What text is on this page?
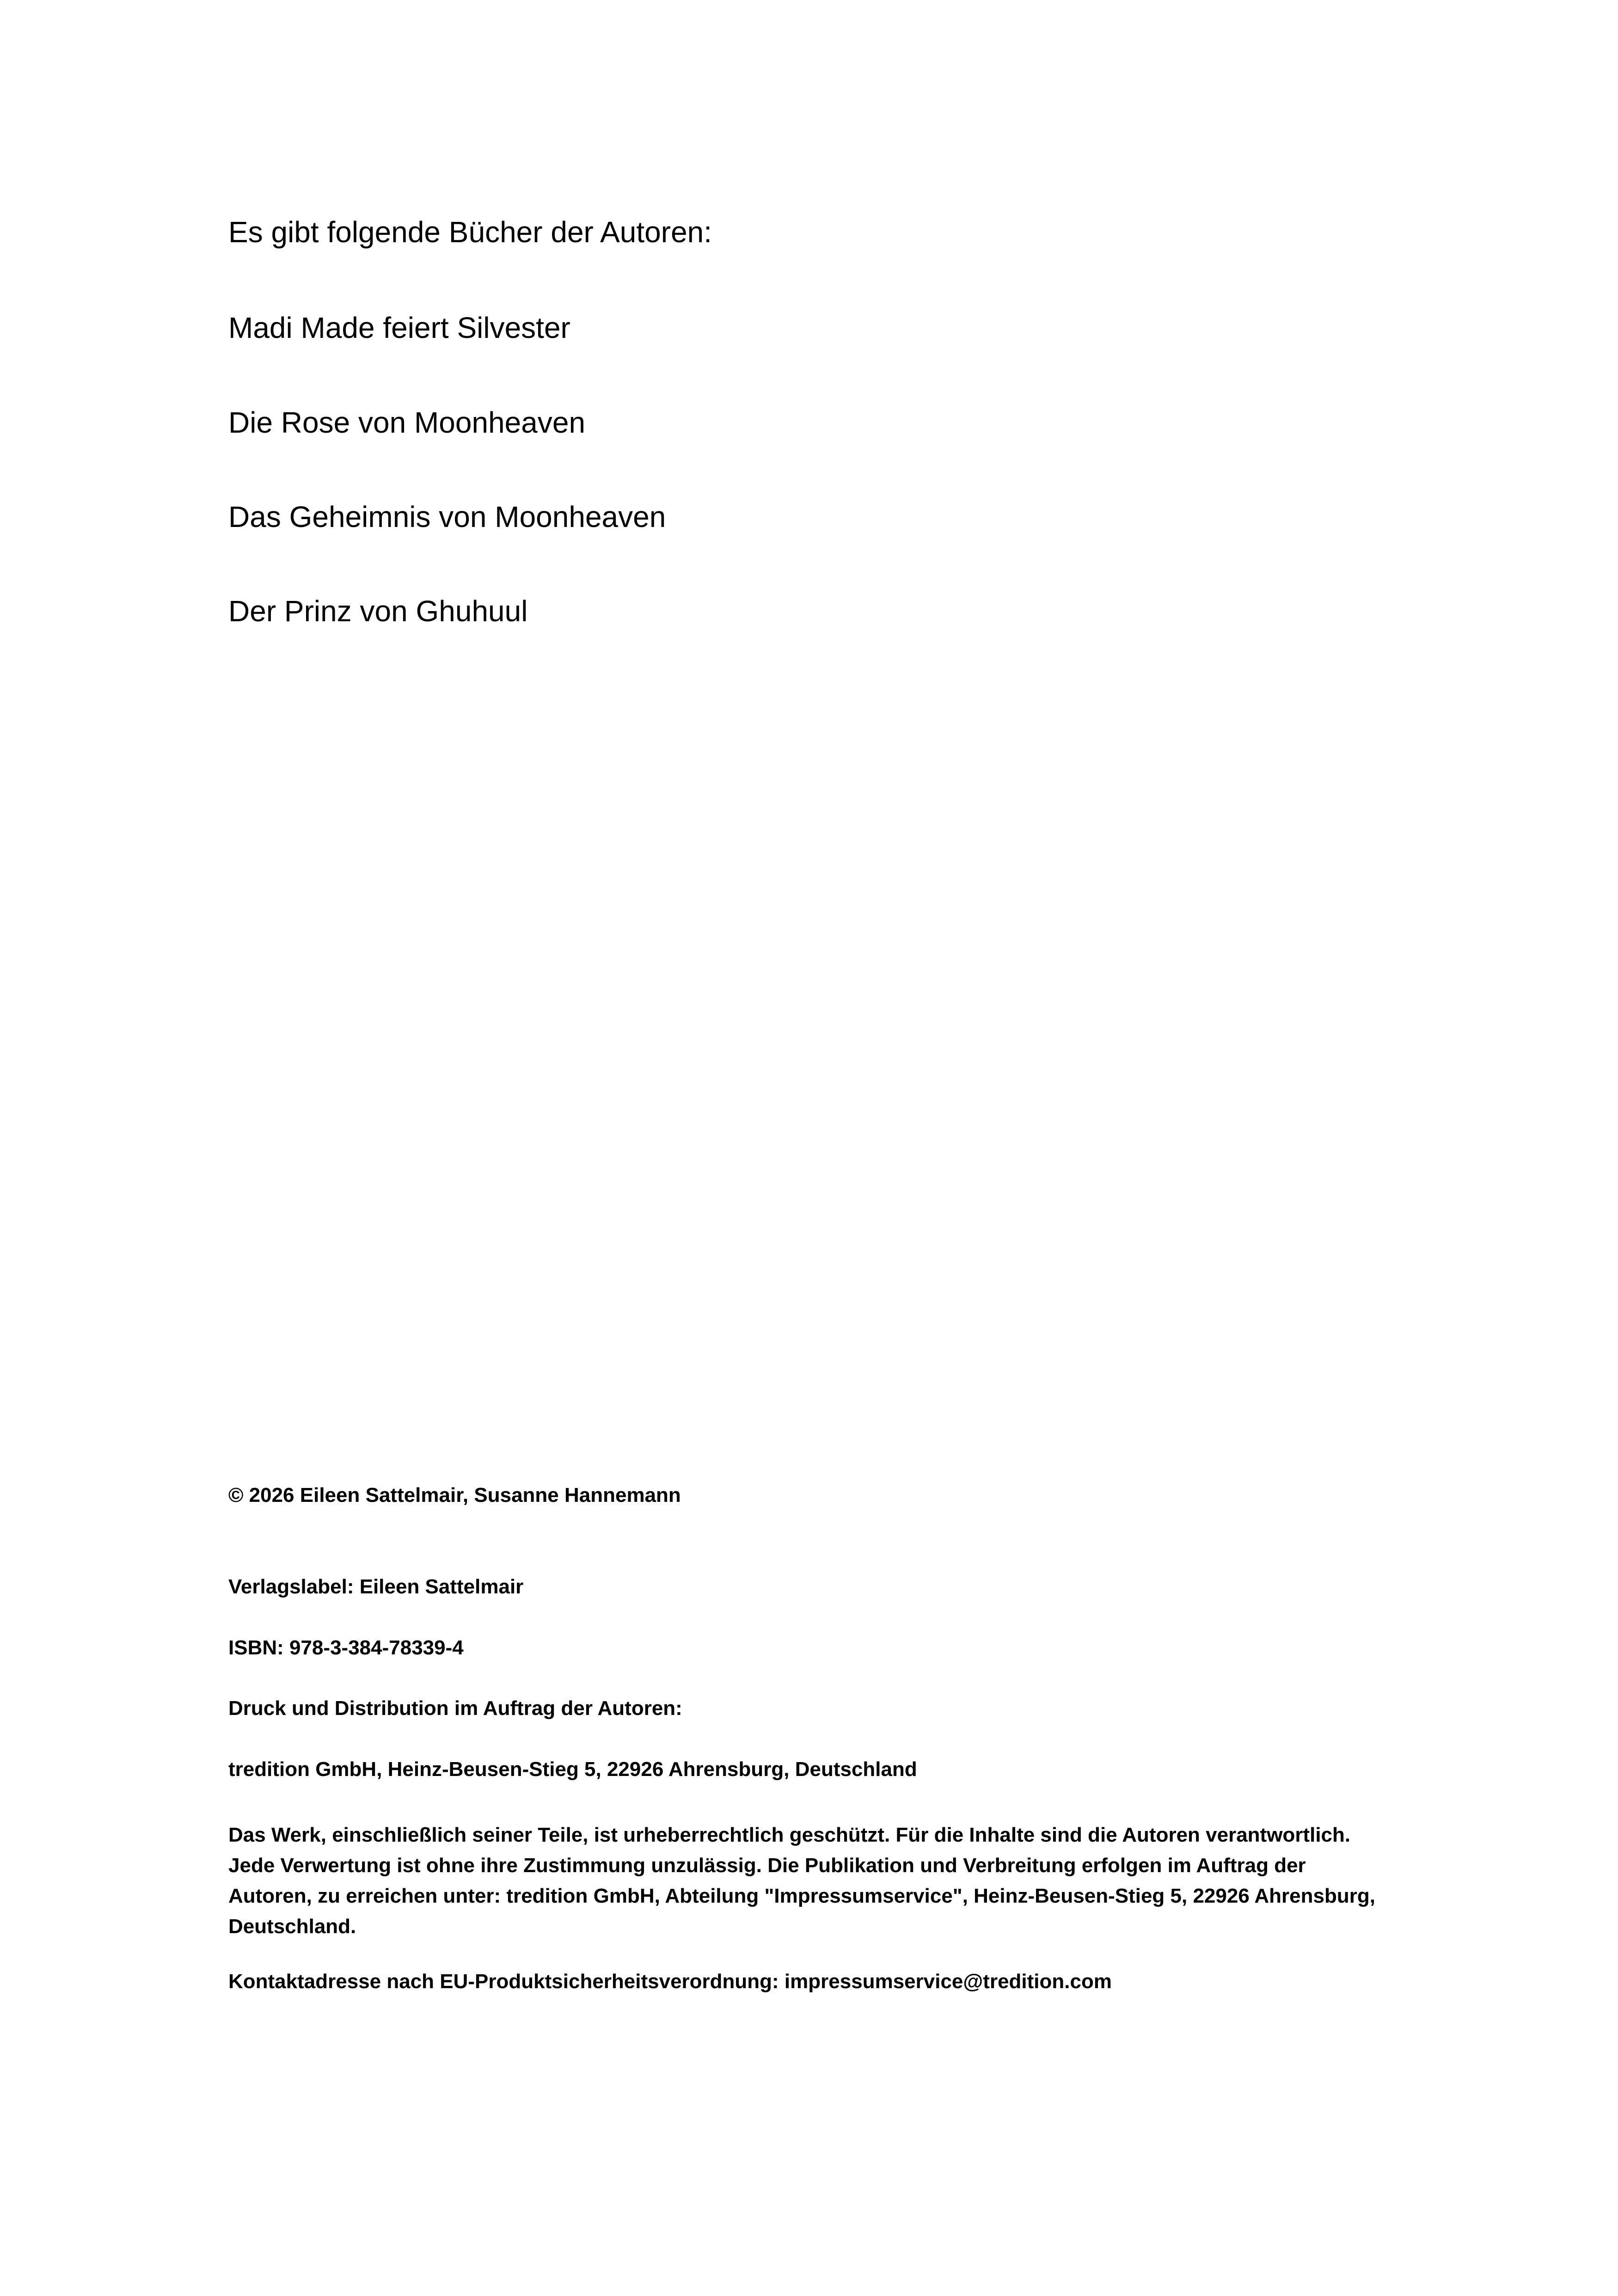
Es gibt folgende Bücher der Autoren:

Madi Made feiert Silvester

Die Rose von Moonheaven

Das Geheimnis von Moonheaven

Der Prinz von Ghuhuul

© 2026 Eileen Sattelmair, Susanne Hannemann

Verlagslabel: Eileen Sattelmair

ISBN: 978-3-384-78339-4

Druck und Distribution im Auftrag der Autoren:

tredition GmbH, Heinz-Beusen-Stieg 5, 22926 Ahrensburg, Deutschland

Das Werk, einschließlich seiner Teile, ist urheberrechtlich geschützt. Für die Inhalte sind die Autoren verantwortlich.
Jede Verwertung ist ohne ihre Zustimmung unzulässig. Die Publikation und Verbreitung erfolgen im Auftrag der
Autoren, zu erreichen unter: tredition GmbH, Abteilung "Impressumservice", Heinz-Beusen-Stieg 5, 22926 Ahrensburg,
Deutschland.

Kontaktadresse nach EU-Produktsicherheitsverordnung: impressumservice@tredition.com
